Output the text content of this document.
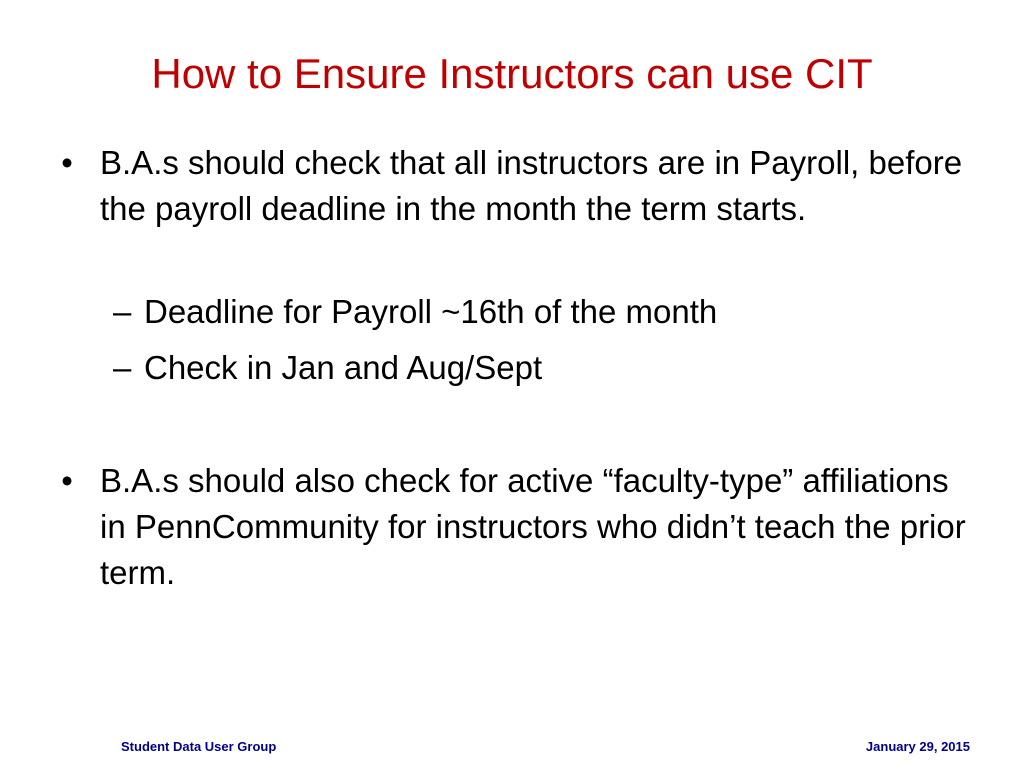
How to Ensure Instructors can use CIT
• B.A.s should check that all instructors are in Payroll, before the payroll deadline in the month the term starts.
– Deadline for Payroll ~16th of the month
– Check in Jan and Aug/Sept
• B.A.s should also check for active “faculty-type” affiliations in PennCommunity for instructors who didn’t teach the prior term.
Student Data User Group	January 29, 2015
